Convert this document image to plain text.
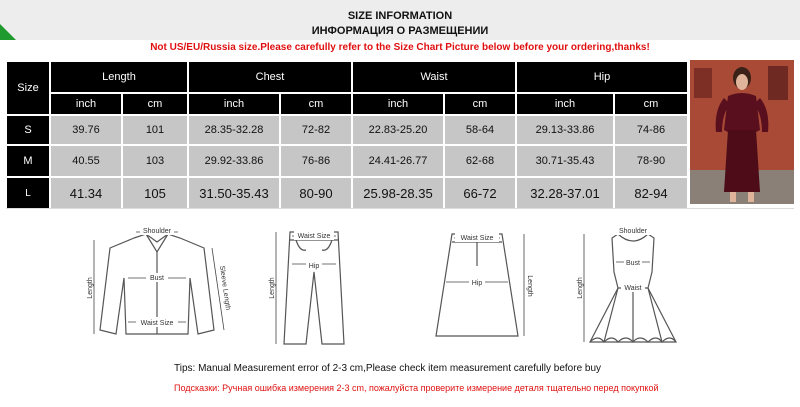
SIZE INFORMATION
ИНФОРМАЦИЯ О РАЗМЕЩЕНИИ
Not US/EU/Russia size.Please carefully refer to the Size Chart Picture below before your ordering,thanks!
Size	Length		Chest		Waist		Hip	
	inch	cm	inch	cm	inch	cm	inch	cm
S	39.76	101	28.35-32.28	72-82	22.83-25.20	58-64	29.13-33.86	74-86
M	40.55	103	29.92-33.86	76-86	24.41-26.77	62-68	30.71-35.43	78-90
L	41.34	105	31.50-35.43	80-90	25.98-28.35	66-72	32.28-37.01	82-94
Shoulder
Bust
Waist Size
Sleeve Length
Length
Waist Size
Hip
Length
Waist Size
Hip	Length
Shoulder
Bust
Waist
Length
Tips: Manual Measurement error of 2-3 cm,Please check item measurement carefully before buy
Подсказки: Ручная ошибка измерения 2-3 cm, пожалуйста проверите измерение деталя тщательно перед покупкой
